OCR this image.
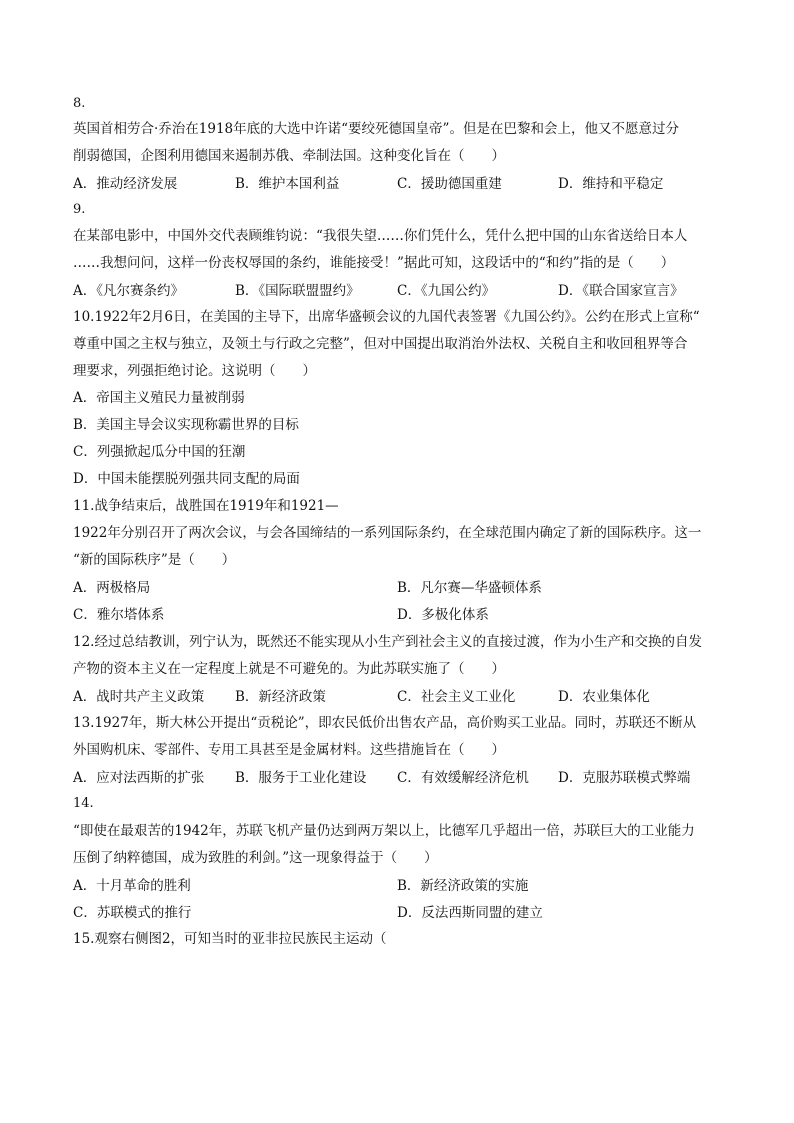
8.
英国首相劳合·乔治在1918年底的大选中许诺“要绞死德国皇帝”。但是在巴黎和会上，他又不愿意过分
削弱德国，企图利用德国来遏制苏俄、牵制法国。这种变化旨在（　　）
A．推动经济发展	B．维护本国利益	C．援助德国重建	D．维持和平稳定
9.
在某部电影中，中国外交代表顾维钧说：“我很失望……你们凭什么，凭什么把中国的山东省送给日本人
……我想问问，这样一份丧权辱国的条约，谁能接受！”据此可知，这段话中的“和约”指的是（　　）
A．《凡尔赛条约》	B．《国际联盟盟约》	C．《九国公约》	D．《联合国家宣言》
10.1922年2月6日，在美国的主导下，出席华盛顿会议的九国代表签署《九国公约》。公约在形式上宣称“
尊重中国之主权与独立，及领土与行政之完整”，但对中国提出取消治外法权、关税自主和收回租界等合
理要求，列强拒绝讨论。这说明（　　）
A．帝国主义殖民力量被削弱
B．美国主导会议实现称霸世界的目标
C．列强掀起瓜分中国的狂潮
D．中国未能摆脱列强共同支配的局面
11.战争结束后，战胜国在1919年和1921—
1922年分别召开了两次会议，与会各国缔结的一系列国际条约，在全球范围内确定了新的国际秩序。这一
“新的国际秩序”是（　　）
A．两极格局	B．凡尔赛—华盛顿体系
C．雅尔塔体系	D．多极化体系
12.经过总结教训，列宁认为，既然还不能实现从小生产到社会主义的直接过渡，作为小生产和交换的自发
产物的资本主义在一定程度上就是不可避免的。为此苏联实施了（　　）
A．战时共产主义政策 B．新经济政策	C．社会主义工业化	D．农业集体化
13.1927年，斯大林公开提出“贡税论”，即农民低价出售农产品，高价购买工业品。同时，苏联还不断从
外国购机床、零部件、专用工具甚至是金属材料。这些措施旨在（　　）
A．应对法西斯的扩张 B．服务于工业化建设 C．有效缓解经济危机 D．克服苏联模式弊端
14.
“即使在最艰苦的1942年，苏联飞机产量仍达到两万架以上，比德军几乎超出一倍，苏联巨大的工业能力
压倒了纳粹德国，成为致胜的利剑。”这一现象得益于（　　）
A．十月革命的胜利	B．新经济政策的实施
C．苏联模式的推行	D．反法西斯同盟的建立
15.观察右侧图2，可知当时的亚非拉民族民主运动（
